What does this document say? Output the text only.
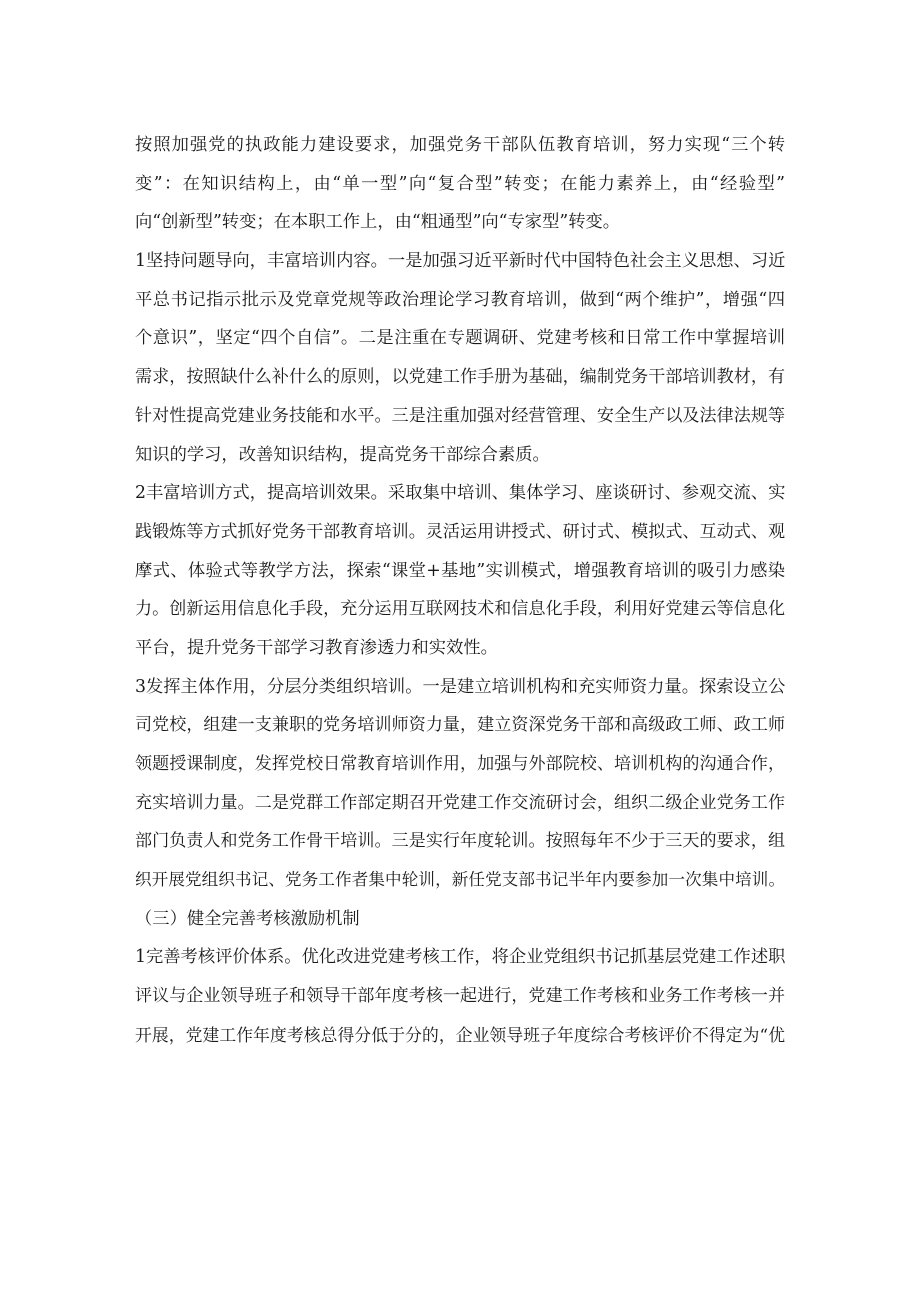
按照加强党的执政能力建设要求，加强党务干部队伍教育培训，努力实现“三个转
变”：在知识结构上，由“单一型”向“复合型”转变；在能力素养上，由“经验型”
向“创新型”转变；在本职工作上，由“粗通型”向“专家型”转变。
1坚持问题导向，丰富培训内容。一是加强习近平新时代中国特色社会主义思想、习近
平总书记指示批示及党章党规等政治理论学习教育培训，做到“两个维护”，增强“四
个意识”，坚定“四个自信”。二是注重在专题调研、党建考核和日常工作中掌握培训
需求，按照缺什么补什么的原则，以党建工作手册为基础，编制党务干部培训教材，有
针对性提高党建业务技能和水平。三是注重加强对经营管理、安全生产以及法律法规等
知识的学习，改善知识结构，提高党务干部综合素质。
2丰富培训方式，提高培训效果。采取集中培训、集体学习、座谈研讨、参观交流、实
践锻炼等方式抓好党务干部教育培训。灵活运用讲授式、研讨式、模拟式、互动式、观
摩式、体验式等教学方法，探索“课堂+基地”实训模式，增强教育培训的吸引力感染
力。创新运用信息化手段，充分运用互联网技术和信息化手段，利用好党建云等信息化
平台，提升党务干部学习教育渗透力和实效性。
3发挥主体作用，分层分类组织培训。一是建立培训机构和充实师资力量。探索设立公
司党校，组建一支兼职的党务培训师资力量，建立资深党务干部和高级政工师、政工师
领题授课制度，发挥党校日常教育培训作用，加强与外部院校、培训机构的沟通合作，
充实培训力量。二是党群工作部定期召开党建工作交流研讨会，组织二级企业党务工作
部门负责人和党务工作骨干培训。三是实行年度轮训。按照每年不少于三天的要求，组
织开展党组织书记、党务工作者集中轮训，新任党支部书记半年内要参加一次集中培训。
（三）健全完善考核激励机制
1完善考核评价体系。优化改进党建考核工作，将企业党组织书记抓基层党建工作述职
评议与企业领导班子和领导干部年度考核一起进行，党建工作考核和业务工作考核一并
开展，党建工作年度考核总得分低于分的，企业领导班子年度综合考核评价不得定为“优
